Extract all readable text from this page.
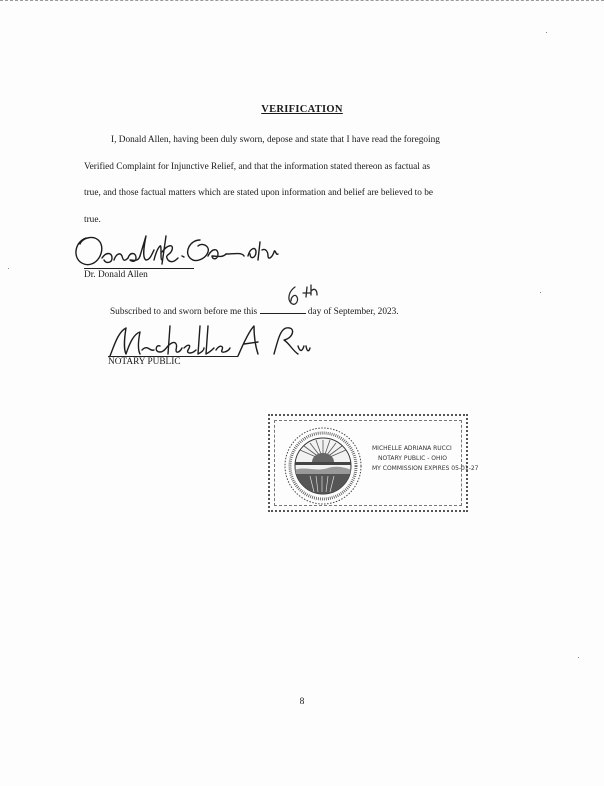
VERIFICATION
I, Donald Allen, having been duly sworn, depose and state that I have read the foregoing
Verified Complaint for Injunctive Relief, and that the information stated thereon as factual as
true, and those factual matters which are stated upon information and belief are believed to be
true.
Dr. Donald Allen
Subscribed to and sworn before me this	day of September, 2023.
NOTARY PUBLIC
MICHELLE ADRIANA RUCCI
NOTARY PUBLIC - OHIO
MY COMMISSION EXPIRES 05-01-27
8
